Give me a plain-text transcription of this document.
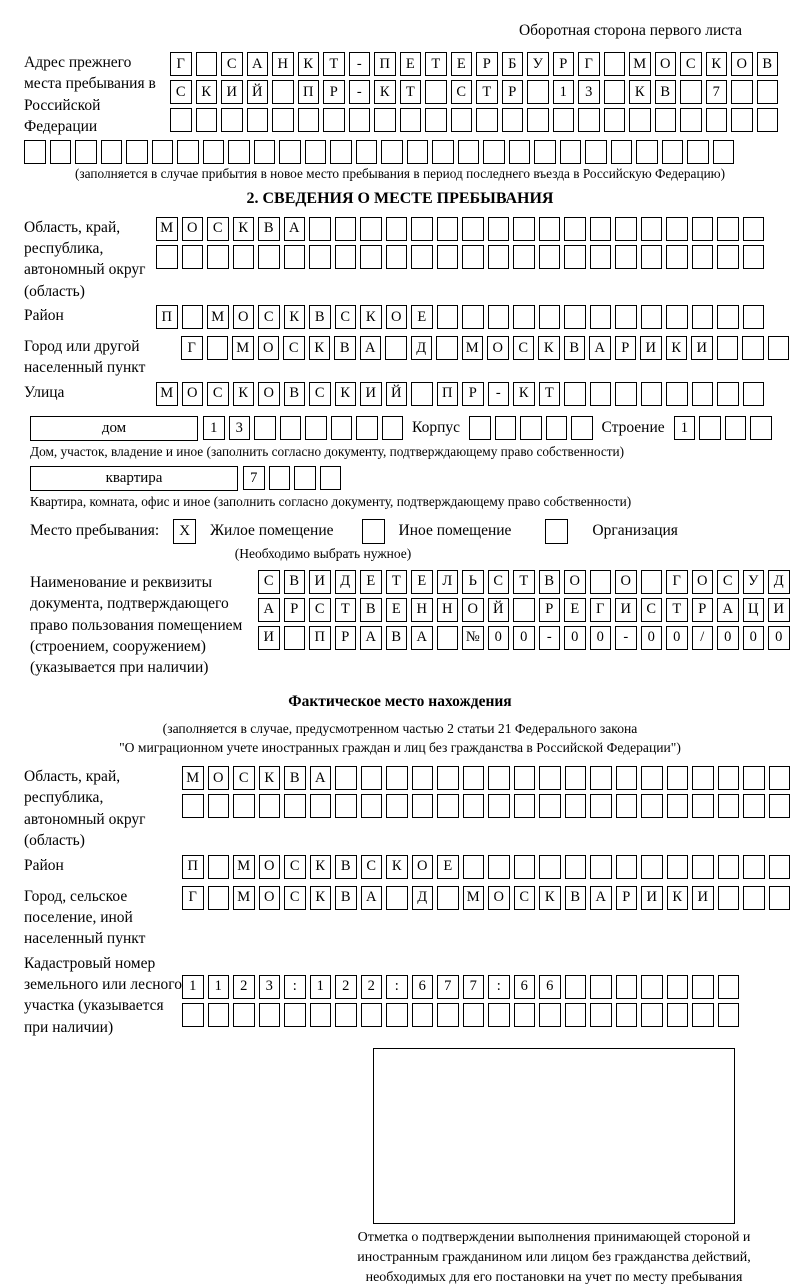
Оборотная сторона первого листа
Адрес прежнего места пребывания в Российской Федерации
Г	С	А	Н	К	Т	-	П	Е	Т	Е	Р	Б	У	Р	Г	М О	С	К	О	В
С	К	И	Й	П	Р	-	К	Т	С	Т	Р	1	3	К	В	7
(заполняется в случае прибытия в новое место пребывания в период последнего въезда в Российскую Федерацию)
2. СВЕДЕНИЯ О МЕСТЕ ПРЕБЫВАНИЯ
Область, край, республика, автономный округ (область)
М О	С	К	В	А
Район	П	М О	С	К	В	С	К	О	Е
Город или другой населенный пункт
Г	М О	С	К	В	А	Д	М О	С	К	В	А	Р	И	К	И
Улица	М О	С	К	О	В	С	К	И	Й	П	Р	-	К	Т
дом	1	3	Корпус	Строение	1
Дом, участок, владение и иное (заполнить согласно документу, подтверждающему право собственности)
квартира	7
Квартира, комната, офис и иное (заполнить согласно документу, подтверждающему право собственности)
Место пребывания:	X	Жилое помещение	Иное помещение	Организация
(Необходимо выбрать нужное)
Наименование и реквизиты документа, подтверждающего право пользования помещением (строением, сооружением) (указывается при наличии)
С	В	И	Д	Е	Т	Е	Л	Ь	С	Т	В	О	О	Г	О	С	У	Д
А	Р	С	Т	В	Е	Н	Н	О	Й	Р	Е	Г	И	С	Т	Р	А	Ц	И
И	П	Р	А	В	А	№	0	0	-	0	0	-	0	0	/	0	0	0
Фактическое место нахождения
(заполняется в случае, предусмотренном частью 2 статьи 21 Федерального закона
"О миграционном учете иностранных граждан и лиц без гражданства в Российской Федерации")
Область, край, республика, автономный округ (область)
М О	С	К	В	А
Район	П	М О	С	К	В	С	К	О	Е
Город, сельское поселение, иной населенный пункт
Г	М О	С	К	В	А	Д	М О	С	К	В	А	Р	И	К	И
Кадастровый номер земельного или лесного участка (указывается при наличии)
1	1	2	3	:	1	2	2	:	6	7	7	:	6	6
Отметка о подтверждении выполнения принимающей стороной и иностранным гражданином или лицом без гражданства действий, необходимых для его постановки на учет по месту пребывания
